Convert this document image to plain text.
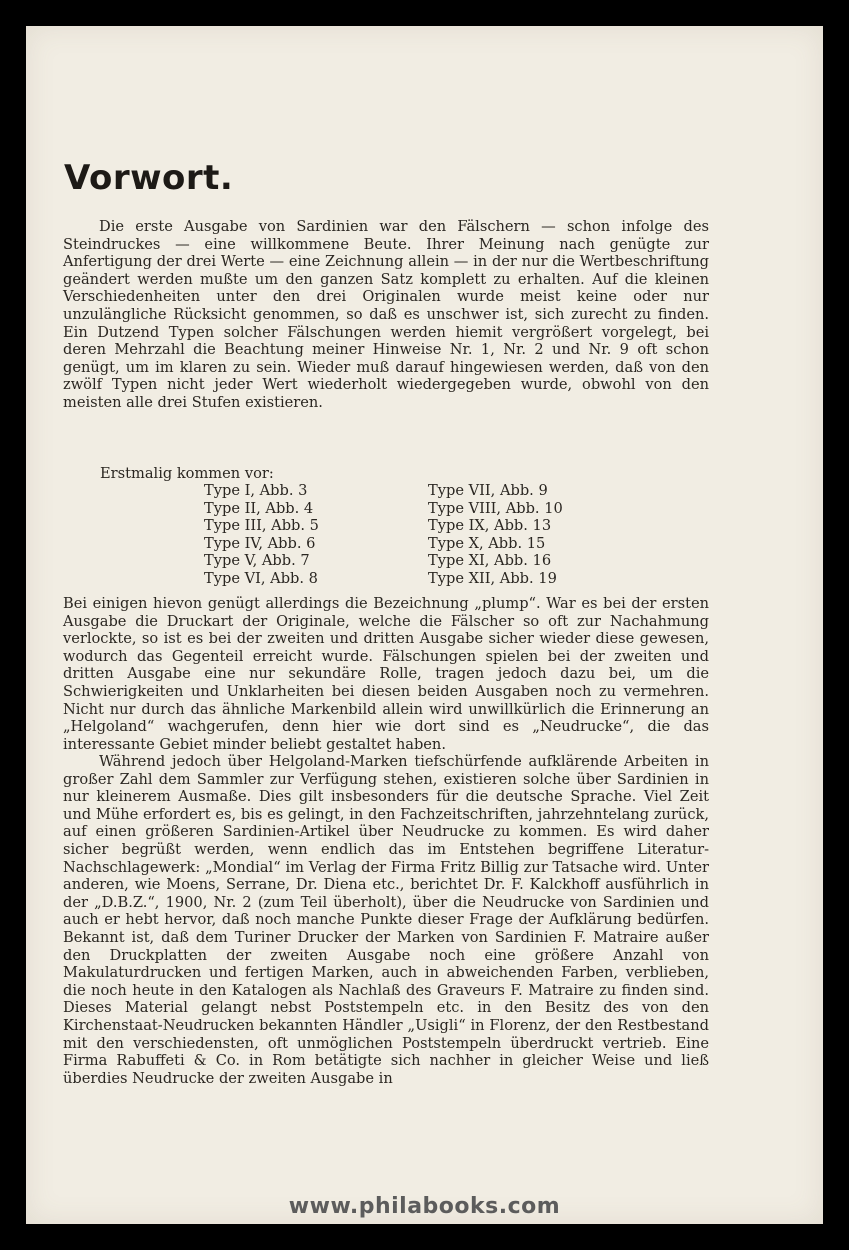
Vorwort.
Die erste Ausgabe von Sardinien war den Fälschern — schon infolge des Steindruckes — eine willkommene Beute. Ihrer Meinung nach genügte zur Anfertigung der drei Werte — eine Zeichnung allein — in der nur die Wertbeschriftung geändert werden mußte um den ganzen Satz komplett zu erhalten. Auf die kleinen Verschiedenheiten unter den drei Originalen wurde meist keine oder nur unzulängliche Rücksicht genommen, so daß es unschwer ist, sich zurecht zu finden. Ein Dutzend Typen solcher Fälschungen werden hiemit vergrößert vorgelegt, bei deren Mehrzahl die Beachtung meiner Hinweise Nr. 1, Nr. 2 und Nr. 9 oft schon genügt, um im klaren zu sein. Wieder muß darauf hingewiesen werden, daß von den zwölf Typen nicht jeder Wert wiederholt wiedergegeben wurde, obwohl von den meisten alle drei Stufen existieren.
Erstmalig kommen vor:
Type I, Abb. 3	Type VII, Abb. 9
Type II, Abb. 4	Type VIII, Abb. 10
Type III, Abb. 5	Type IX, Abb. 13
Type IV, Abb. 6	Type X, Abb. 15
Type V, Abb. 7	Type XI, Abb. 16
Type VI, Abb. 8	Type XII, Abb. 19
Bei einigen hievon genügt allerdings die Bezeichnung „plump“. War es bei der ersten Ausgabe die Druckart der Originale, welche die Fälscher so oft zur Nachahmung verlockte, so ist es bei der zweiten und dritten Ausgabe sicher wieder diese gewesen, wodurch das Gegenteil erreicht wurde. Fälschungen spielen bei der zweiten und dritten Ausgabe eine nur sekundäre Rolle, tragen jedoch dazu bei, um die Schwierigkeiten und Unklarheiten bei diesen beiden Ausgaben noch zu vermehren. Nicht nur durch das ähnliche Markenbild allein wird unwillkürlich die Erinnerung an „Helgoland“ wachgerufen, denn hier wie dort sind es „Neudrucke“, die das interessante Gebiet minder beliebt gestaltet haben.
Während jedoch über Helgoland-Marken tiefschürfende aufklärende Arbeiten in großer Zahl dem Sammler zur Verfügung stehen, existieren solche über Sardinien in nur kleinerem Ausmaße. Dies gilt insbesonders für die deutsche Sprache. Viel Zeit und Mühe erfordert es, bis es gelingt, in den Fachzeitschriften, jahrzehntelang zurück, auf einen größeren Sardinien-Artikel über Neudrucke zu kommen. Es wird daher sicher begrüßt werden, wenn endlich das im Entstehen begriffene Literatur-Nachschlagewerk: „Mondial“ im Verlag der Firma Fritz Billig zur Tatsache wird. Unter anderen, wie Moens, Serrane, Dr. Diena etc., berichtet Dr. F. Kalckhoff ausführlich in der „D.B.Z.“, 1900, Nr. 2 (zum Teil überholt), über die Neudrucke von Sardinien und auch er hebt hervor, daß noch manche Punkte dieser Frage der Aufklärung bedürfen. Bekannt ist, daß dem Turiner Drucker der Marken von Sardinien F. Matraire außer den Druckplatten der zweiten Ausgabe noch eine größere Anzahl von Makulaturdrucken und fertigen Marken, auch in abweichenden Farben, verblieben, die noch heute in den Katalogen als Nachlaß des Graveurs F. Matraire zu finden sind. Dieses Material gelangt nebst Poststempeln etc. in den Besitz des von den Kirchenstaat-Neudrucken bekannten Händler „Usigli“ in Florenz, der den Restbestand mit den verschiedensten, oft unmöglichen Poststempeln überdruckt vertrieb. Eine Firma Rabuffeti & Co. in Rom betätigte sich nachher in gleicher Weise und ließ überdies Neudrucke der zweiten Ausgabe in
www.philabooks.com
